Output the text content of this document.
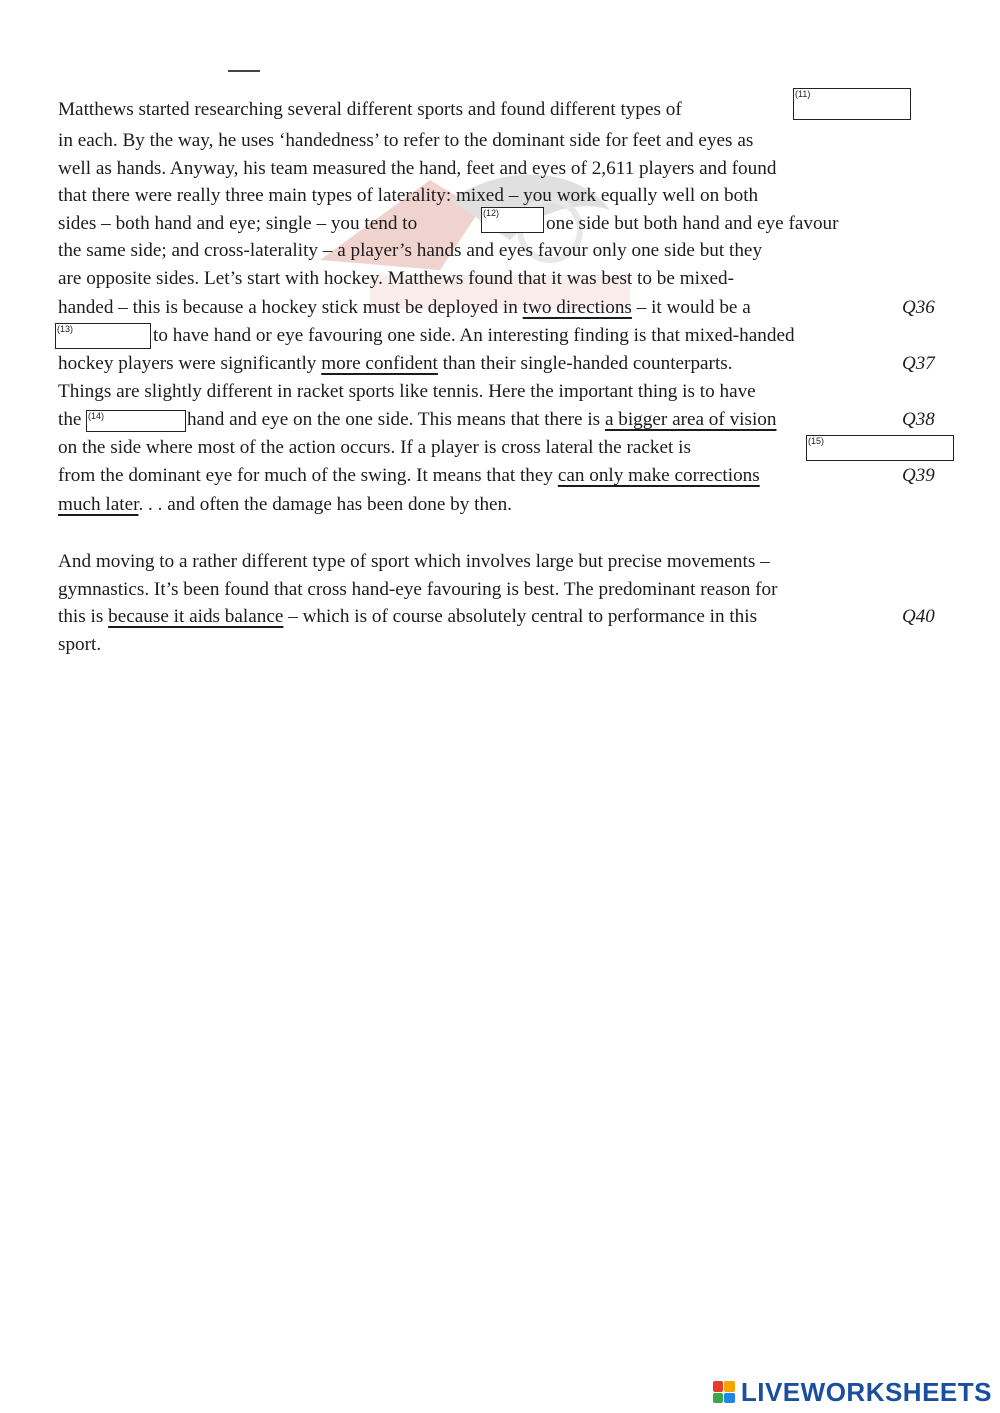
Matthews started researching several different sports and found different types of
(11)
in each. By the way, he uses ‘handedness’ to refer to the dominant side for feet and eyes as
well as hands. Anyway, his team measured the hand, feet and eyes of 2,611 players and found
that there were really three main types of laterality: mixed – you work equally well on both
sides – both hand and eye; single – you tend to	(12) one side but both hand and eye favour
the same side; and cross-laterality – a player’s hands and eyes favour only one side but they
are opposite sides. Let’s start with hockey. Matthews found that it was best to be mixed-
handed – this is because a hockey stick must be deployed in two directions – it would be a	Q36
(13)	to have hand or eye favouring one side. An interesting finding is that mixed-handed
hockey players were significantly more confident than their single-handed counterparts.	Q37
Things are slightly different in racket sports like tennis. Here the important thing is to have
the (14)	hand and eye on the one side. This means that there is a bigger area of vision	Q38
on the side where most of the action occurs. If a player is cross lateral the racket is	(15)
from the dominant eye for much of the swing. It means that they can only make corrections	Q39
much later. . . and often the damage has been done by then.
And moving to a rather different type of sport which involves large but precise movements –
gymnastics. It’s been found that cross hand-eye favouring is best. The predominant reason for
this is because it aids balance – which is of course absolutely central to performance in this	Q40
sport.
LIVEWORKSHEETS
